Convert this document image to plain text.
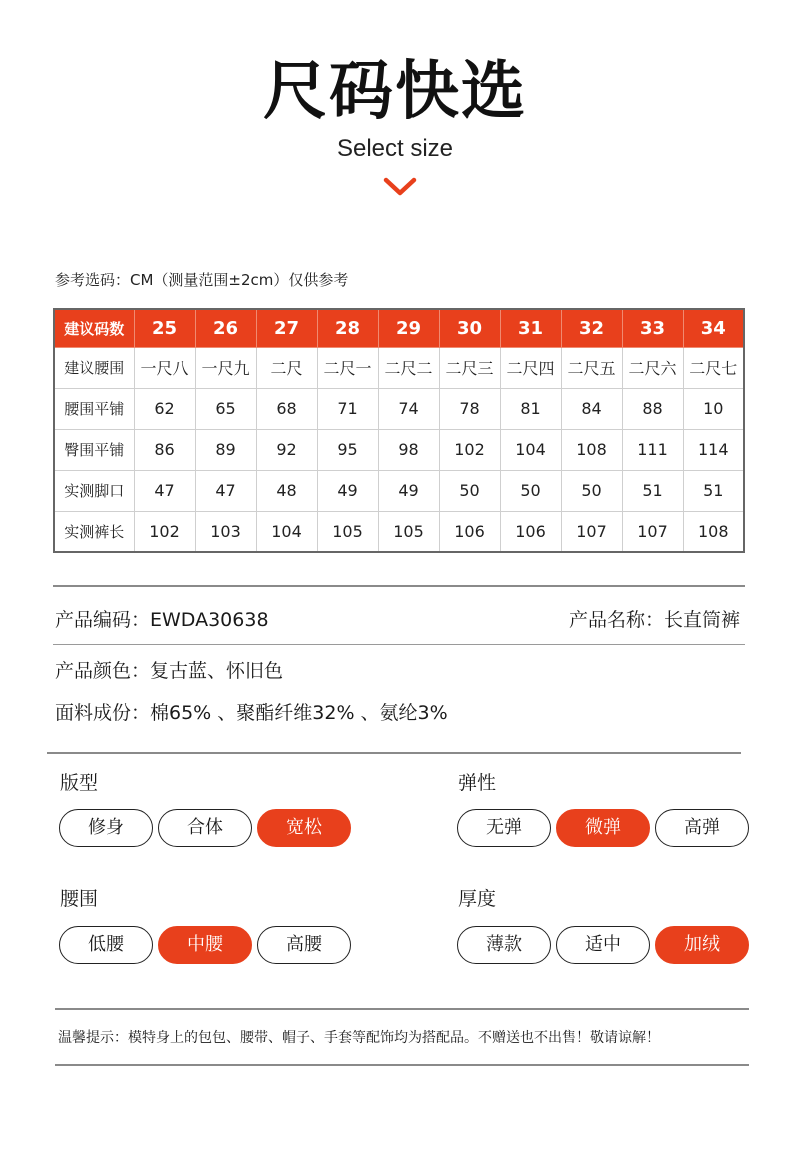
尺码快选
Select size
参考选码：CM（测量范围±2cm）仅供参考
建议码数	25	26	27	28	29	30	31	32	33	34
建议腰围	一尺八	一尺九	二尺	二尺一	二尺二	二尺三	二尺四	二尺五	二尺六	二尺七
腰围平铺	62	65	68	71	74	78	81	84	88	10
臀围平铺	86	89	92	95	98	102	104	108	111	114
实测脚口	47	47	48	49	49	50	50	50	51	51
实测裤长	102	103	104	105	105	106	106	107	107	108
产品编码：EWDA30638	产品名称：长直筒裤
产品颜色：复古蓝、怀旧色
面料成份：棉65% 、聚酯纤维32% 、氨纶3%
版型
修身	合体	宽松
弹性
无弹	微弹	高弹
腰围
低腰	中腰	高腰
厚度
薄款	适中	加绒
温馨提示：模特身上的包包、腰带、帽子、手套等配饰均为搭配品。不赠送也不出售！敬请谅解！
